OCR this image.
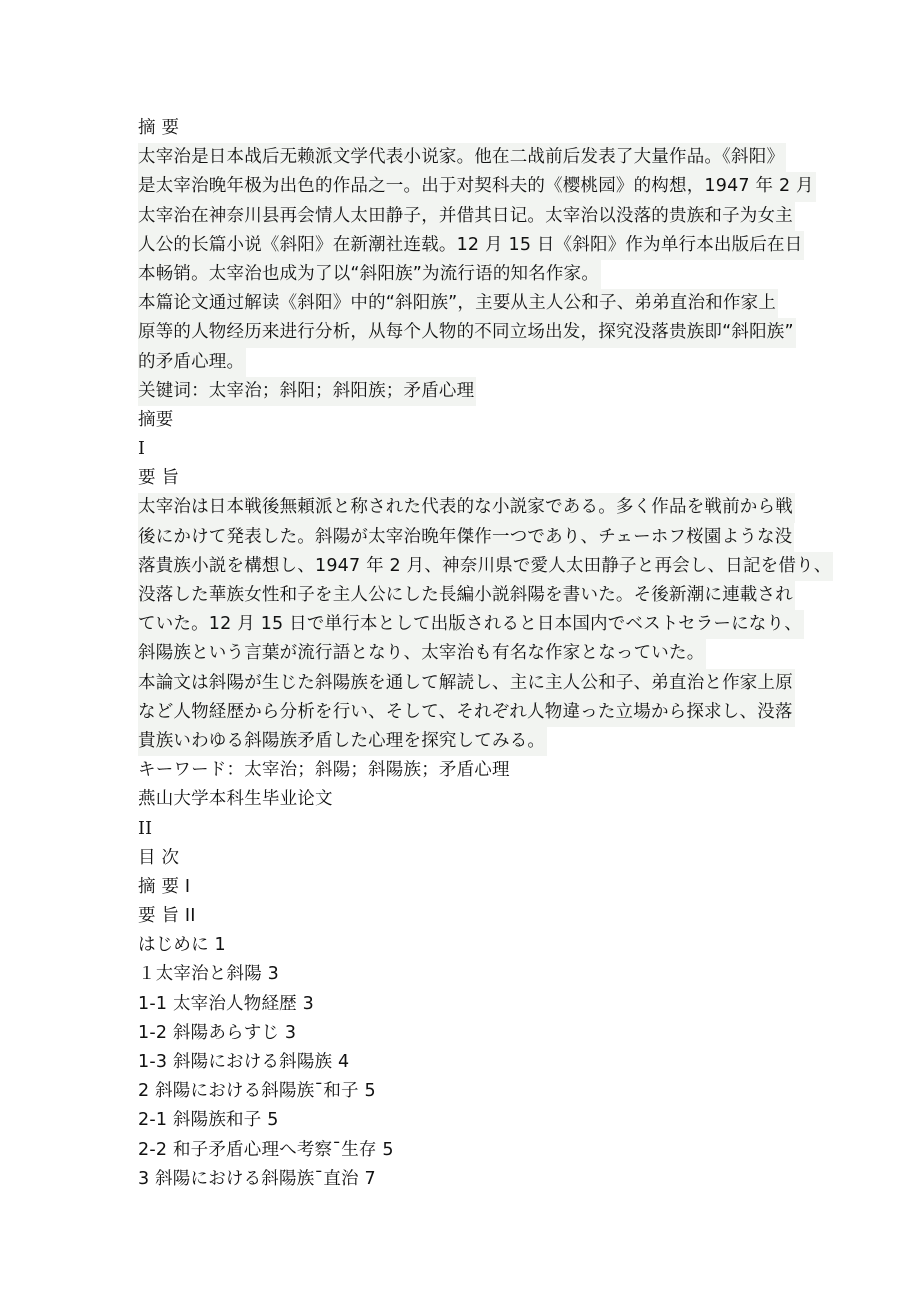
摘 要
太宰治是日本战后无赖派文学代表小说家。他在二战前后发表了大量作品。《斜阳》
是太宰治晚年极为出色的作品之一。出于对契科夫的《樱桃园》的构想，1947 年 2 月
太宰治在神奈川县再会情人太田静子，并借其日记。太宰治以没落的贵族和子为女主
人公的长篇小说《斜阳》在新潮社连载。12 月 15 日《斜阳》作为单行本出版后在日
本畅销。太宰治也成为了以“斜阳族”为流行语的知名作家。
本篇论文通过解读《斜阳》中的“斜阳族”，主要从主人公和子、弟弟直治和作家上
原等的人物经历来进行分析，从每个人物的不同立场出发，探究没落贵族即“斜阳族”
的矛盾心理。
关键词：太宰治；斜阳；斜阳族；矛盾心理
摘要
I
要 旨
太宰治は日本戦後無頼派と称された代表的な小説家である。多く作品を戦前から戦
後にかけて発表した。斜陽が太宰治晩年傑作一つであり、チェーホフ桜園ような没
落貴族小説を構想し、1947 年 2 月、神奈川県で愛人太田静子と再会し、日記を借り、
没落した華族女性和子を主人公にした長編小説斜陽を書いた。そ後新潮に連載され
ていた。12 月 15 日で単行本として出版されると日本国内でベストセラーになり、
斜陽族という言葉が流行語となり、太宰治も有名な作家となっていた。
本論文は斜陽が生じた斜陽族を通して解読し、主に主人公和子、弟直治と作家上原
など人物経歴から分析を行い、そして、それぞれ人物違った立場から探求し、没落
貴族いわゆる斜陽族矛盾した心理を探究してみる。
キーワード：太宰治；斜陽；斜陽族；矛盾心理
燕山大学本科生毕业论文
II
目 次
摘 要 I
要 旨 II
はじめに 1
１太宰治と斜陽 3
1-1 太宰治人物経歴 3
1-2 斜陽あらすじ 3
1-3 斜陽における斜陽族 4
2 斜陽における斜陽族¯和子 5
2-1 斜陽族和子 5
2-2 和子矛盾心理へ考察¯生存 5
3 斜陽における斜陽族¯直治 7
